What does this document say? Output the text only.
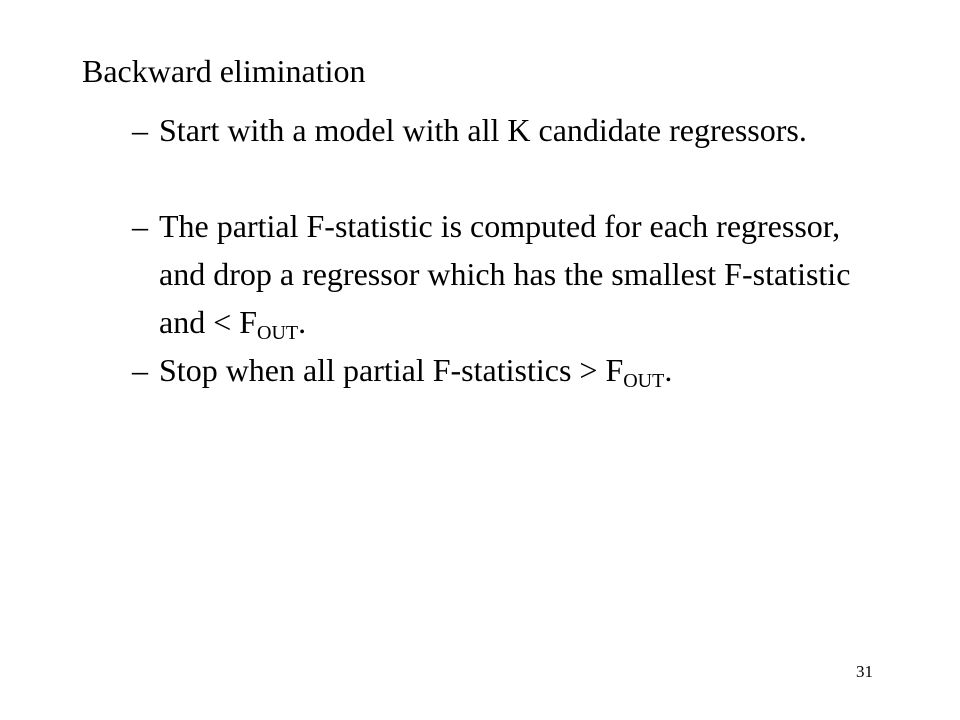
Backward elimination
– Start with a model with all K candidate regressors.
– The partial F-statistic is computed for each regressor, and drop a regressor which has the smallest F-statistic and < $F_{OUT}$.
– Stop when all partial F-statistics > $F_{OUT}$.
31
